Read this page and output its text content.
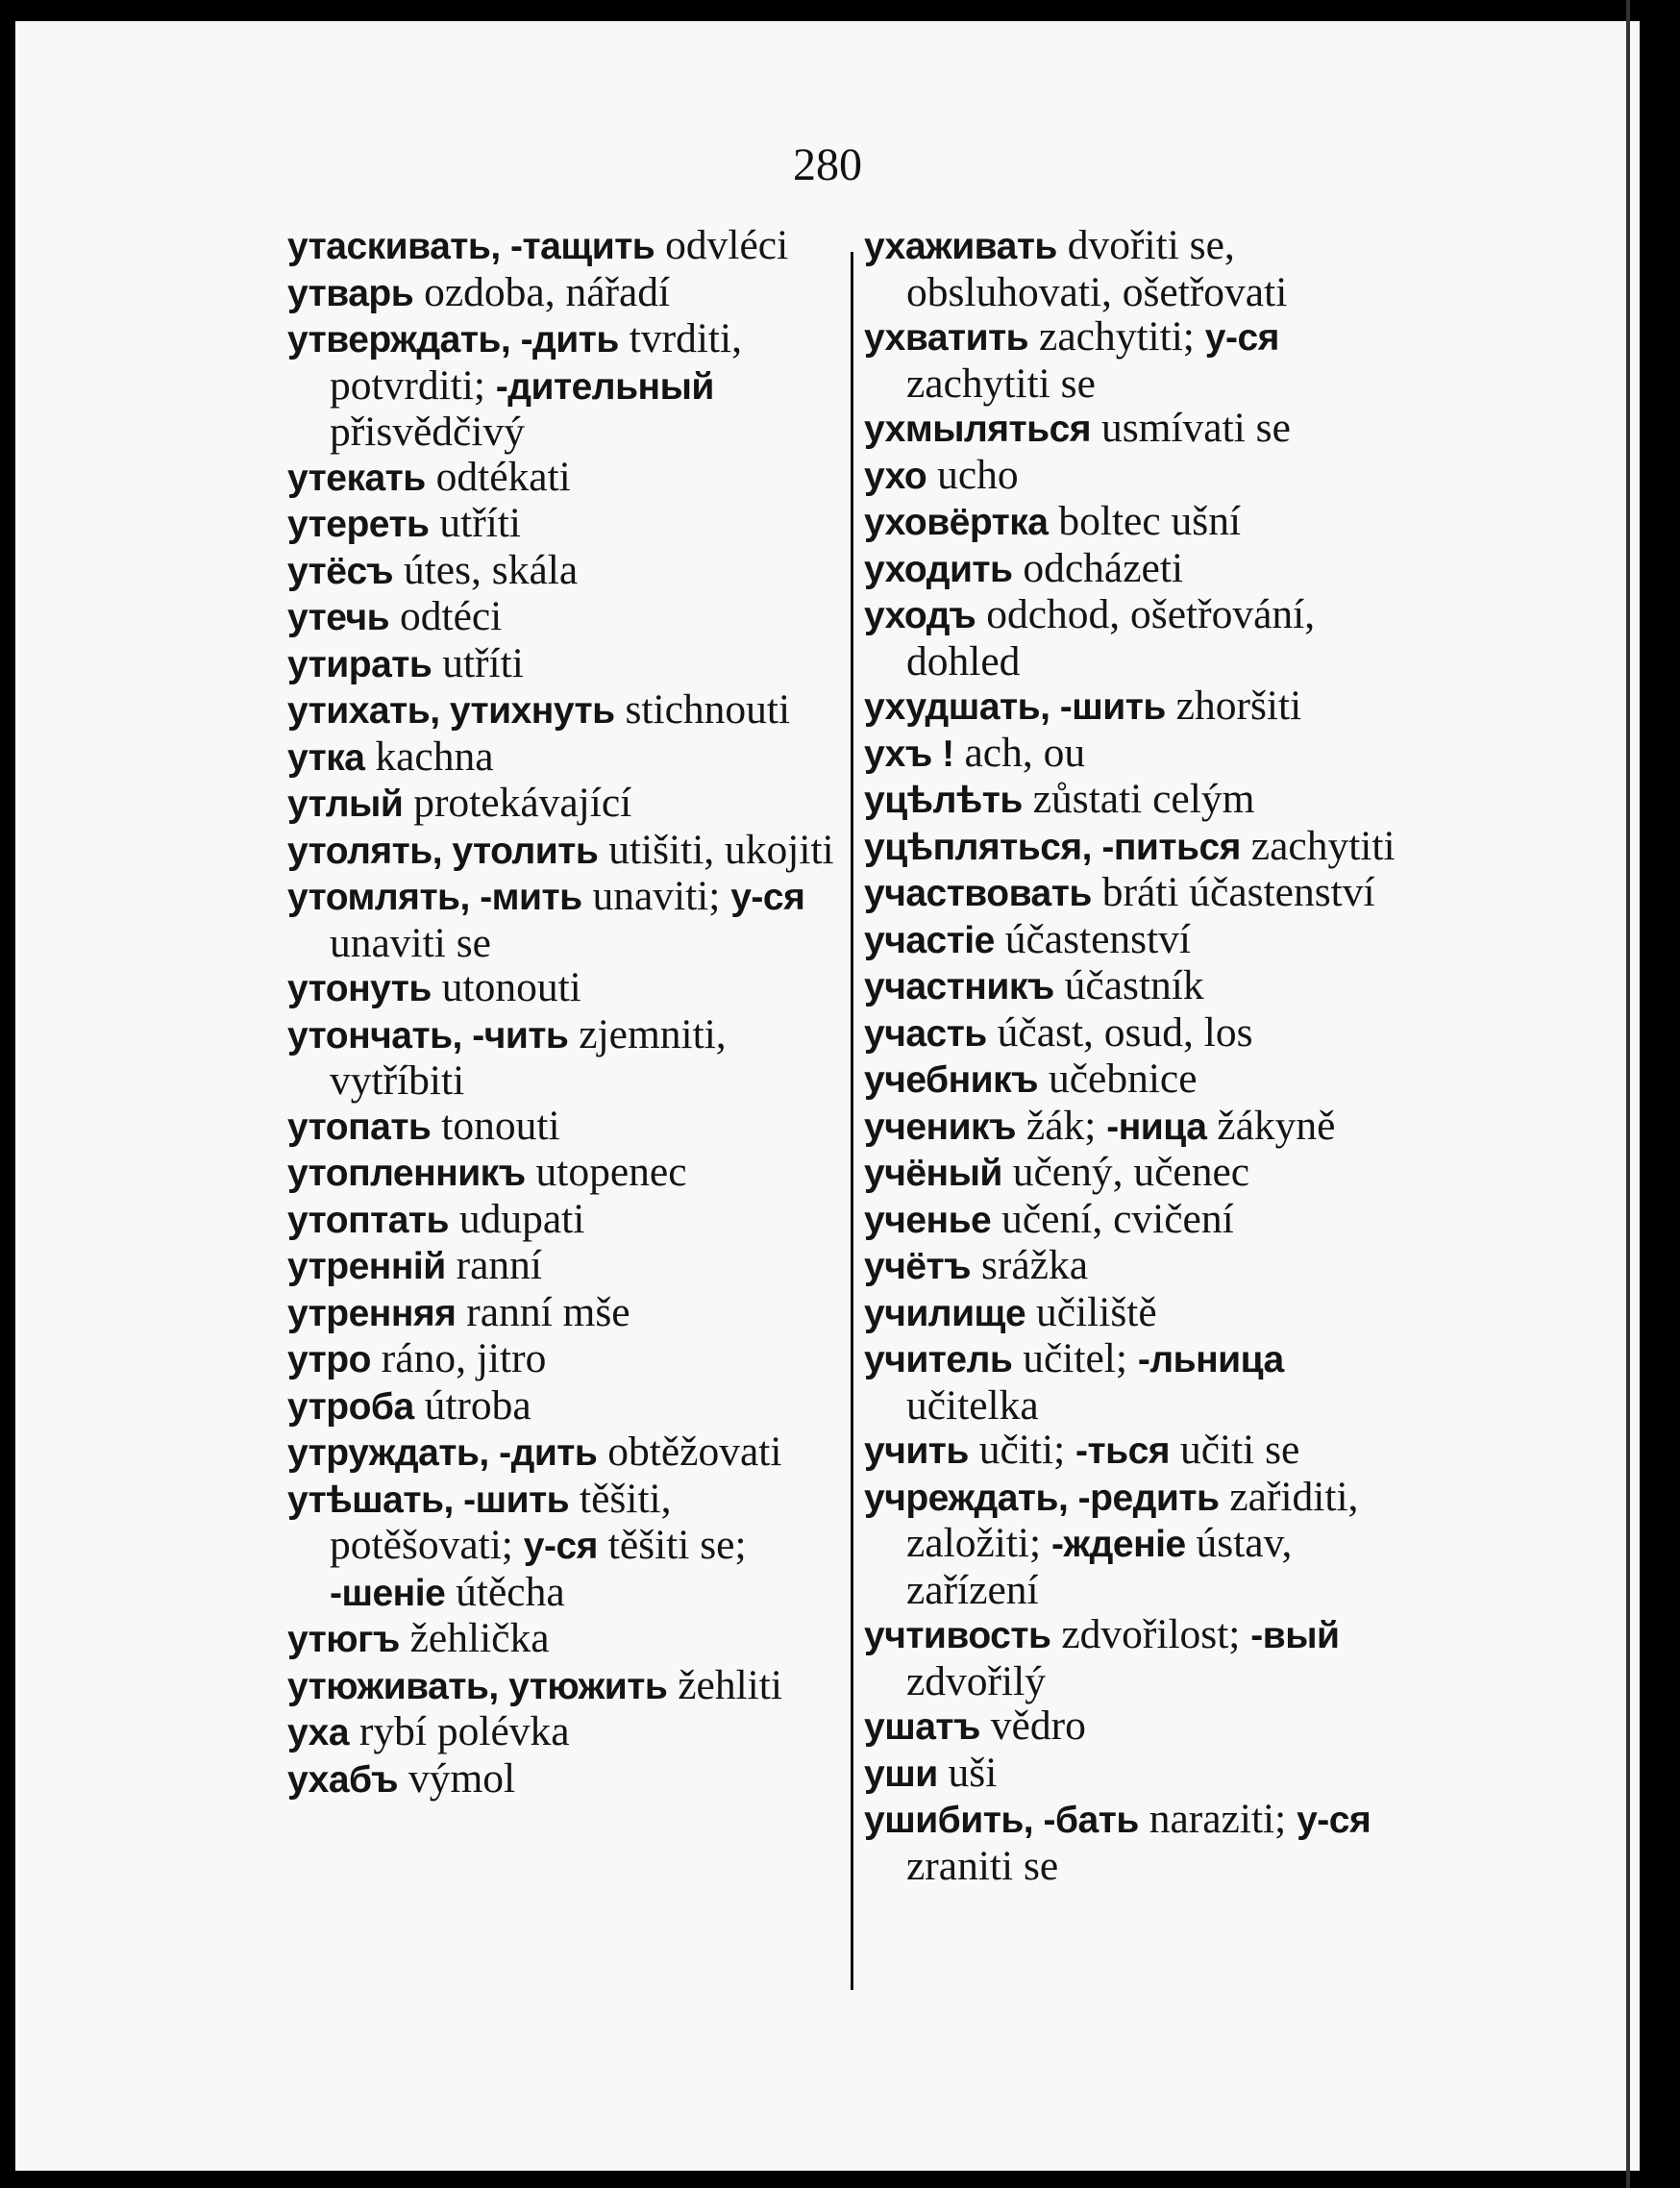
280
утаскивать, -тащить odvléci
утварь ozdoba, nářadí
утверждать, -дить tvrditi, potvrditi; -дительный přisvědčivý
утекать odtékati
утереть utříti
утёсъ útes, skála
утечь odtéci
утирать utříti
утихать, утихнуть stichnouti
утка kachna
утлый protekávající
утолять, утолить utišiti, ukojiti
утомлять, -мить unaviti; у-ся unaviti se
утонуть utonouti
утончать, -чить zjemniti, vytříbiti
утопать tonouti
утопленникъ utopenec
утоптать udupati
утренній ranní
утренняя ranní mše
утро ráno, jitro
утроба útroba
утруждать, -дить obtěžovati
утѣшать, -шить těšiti, potěšovati; у-ся těšiti se; -шеніе útěcha
утюгъ žehlička
утюживать, утюжить žehliti
уха rybí polévka
ухабъ výmol
ухаживать dvořiti se, obsluhovati, ošetřovati
ухватить zachytiti; у-ся zachytiti se
ухмыляться usmívati se
ухо ucho
уховёртка boltec ušní
уходить odcházeti
уходъ odchod, ošetřování, dohled
ухудшать, -шить zhoršiti
ухъ ! ach, ou
уцѣлѣть zůstati celým
уцѣпляться, -питься zachytiti
участвовать bráti účastenství
участіе účastenství
участникъ účastník
участь účast, osud, los
учебникъ učebnice
ученикъ žák; -ница žákyně
учёный učený, učenec
ученье učení, cvičení
учётъ srážka
училище učiliště
учитель učitel; -льница učitelka
учить učiti; -ться učiti se
учреждать, -редить zařiditi, založiti; -жденіе ústav, zařízení
учтивость zdvořilost; -вый zdvořilý
ушатъ vědro
уши uši
ушибить, -бать naraziti; у-ся zraniti se
